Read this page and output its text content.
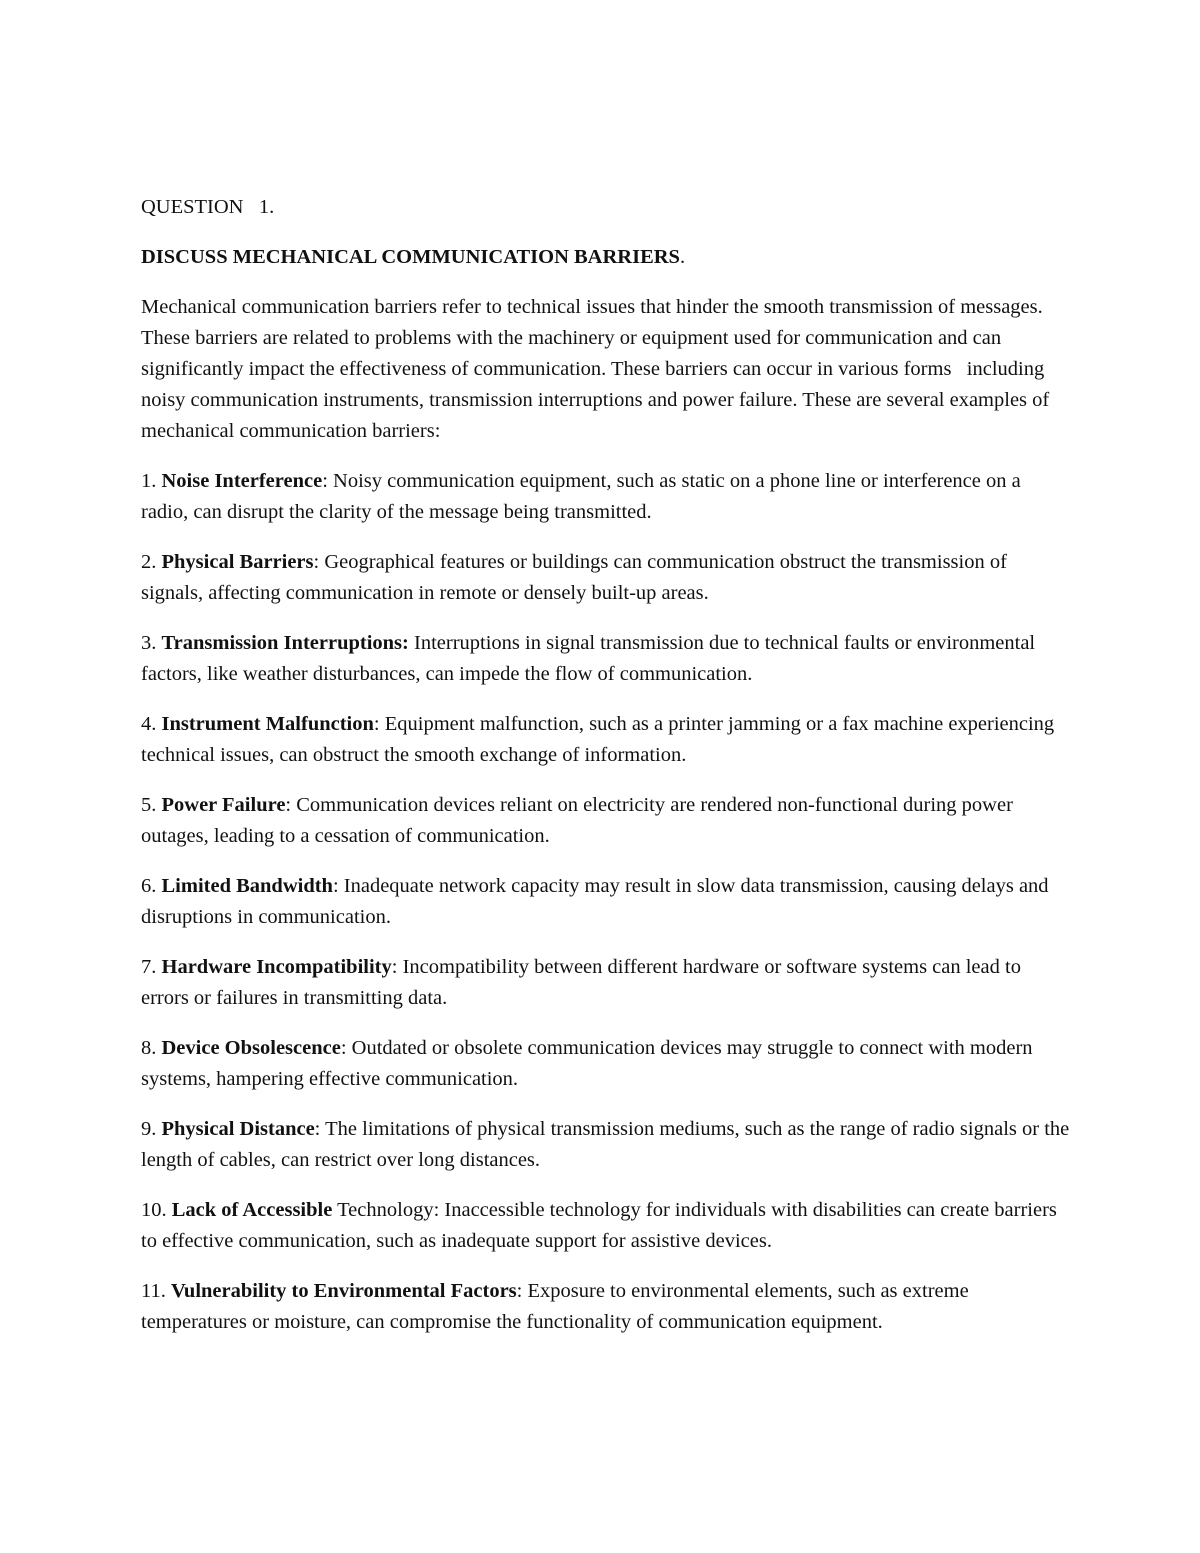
QUESTION   1.
DISCUSS MECHANICAL COMMUNICATION BARRIERS.
Mechanical communication barriers refer to technical issues that hinder the smooth transmission of messages. These barriers are related to problems with the machinery or equipment used for communication and can significantly impact the effectiveness of communication. These barriers can occur in various forms   including noisy communication instruments, transmission interruptions and power failure. These are several examples of mechanical communication barriers:
1. Noise Interference: Noisy communication equipment, such as static on a phone line or interference on a radio, can disrupt the clarity of the message being transmitted.
2. Physical Barriers: Geographical features or buildings can communication obstruct the transmission of signals, affecting communication in remote or densely built-up areas.
3. Transmission Interruptions: Interruptions in signal transmission due to technical faults or environmental factors, like weather disturbances, can impede the flow of communication.
4. Instrument Malfunction: Equipment malfunction, such as a printer jamming or a fax machine experiencing technical issues, can obstruct the smooth exchange of information.
5. Power Failure: Communication devices reliant on electricity are rendered non-functional during power outages, leading to a cessation of communication.
6. Limited Bandwidth: Inadequate network capacity may result in slow data transmission, causing delays and disruptions in communication.
7. Hardware Incompatibility: Incompatibility between different hardware or software systems can lead to errors or failures in transmitting data.
8. Device Obsolescence: Outdated or obsolete communication devices may struggle to connect with modern systems, hampering effective communication.
9. Physical Distance: The limitations of physical transmission mediums, such as the range of radio signals or the length of cables, can restrict over long distances.
10. Lack of Accessible Technology: Inaccessible technology for individuals with disabilities can create barriers to effective communication, such as inadequate support for assistive devices.
11. Vulnerability to Environmental Factors: Exposure to environmental elements, such as extreme temperatures or moisture, can compromise the functionality of communication equipment.
